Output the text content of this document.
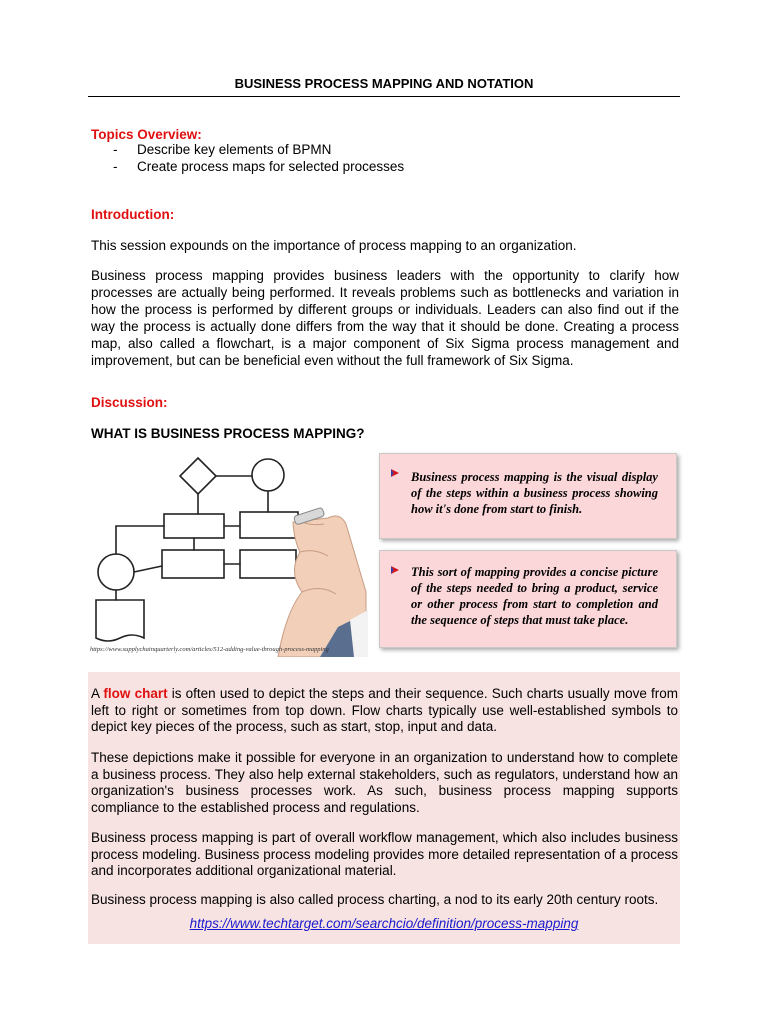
BUSINESS PROCESS MAPPING AND NOTATION
Topics Overview:
- Describe key elements of BPMN
- Create process maps for selected processes
Introduction:

This session expounds on the importance of process mapping to an organization.

Business process mapping provides business leaders with the opportunity to clarify how processes are actually being performed. It reveals problems such as bottlenecks and variation in how the process is performed by different groups or individuals. Leaders can also find out if the way the process is actually done differs from the way that it should be done. Creating a process map, also called a flowchart, is a major component of Six Sigma process management and improvement, but can be beneficial even without the full framework of Six Sigma.

Discussion:
WHAT IS BUSINESS PROCESS MAPPING?
https://www.supplychainquarterly.com/articles/512-adding-value-through-process-mapping

Business process mapping is the visual display of the steps within a business process showing how it's done from start to finish.

This sort of mapping provides a concise picture of the steps needed to bring a product, service or other process from start to completion and the sequence of steps that must take place.

A flow chart is often used to depict the steps and their sequence. Such charts usually move from left to right or sometimes from top down. Flow charts typically use well-established symbols to depict key pieces of the process, such as start, stop, input and data.

These depictions make it possible for everyone in an organization to understand how to complete a business process. They also help external stakeholders, such as regulators, understand how an organization's business processes work. As such, business process mapping supports compliance to the established process and regulations.

Business process mapping is part of overall workflow management, which also includes business process modeling. Business process modeling provides more detailed representation of a process and incorporates additional organizational material.

Business process mapping is also called process charting, a nod to its early 20th century roots.

https://www.techtarget.com/searchcio/definition/process-mapping
